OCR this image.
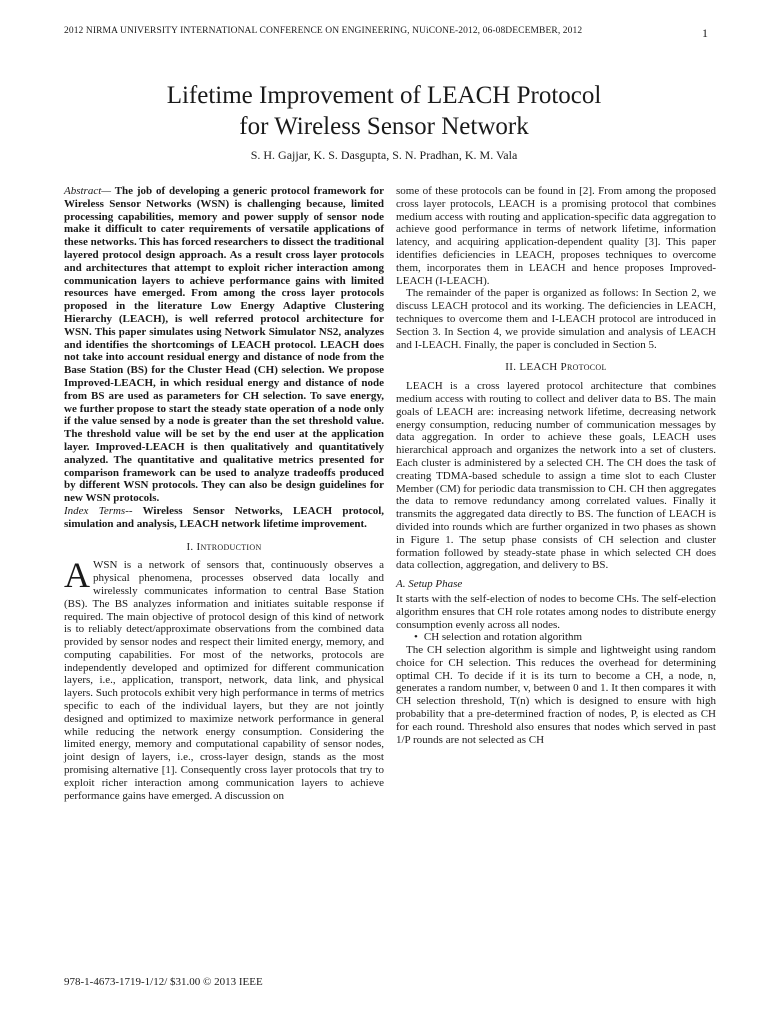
2012 NIRMA UNIVERSITY INTERNATIONAL CONFERENCE ON ENGINEERING, NUiCONE-2012, 06-08DECEMBER, 2012	1
Lifetime Improvement of LEACH Protocol
for Wireless Sensor Network
S. H. Gajjar, K. S. Dasgupta, S. N. Pradhan, K. M. Vala

Abstract— The job of developing a generic protocol framework for Wireless Sensor Networks (WSN) is challenging because, limited processing capabilities, memory and power supply of sensor node make it difficult to cater requirements of versatile applications of these networks. This has forced researchers to dissect the traditional layered protocol design approach. As a result cross layer protocols and architectures that attempt to exploit richer interaction among communication layers to achieve performance gains with limited resources have emerged. From among the cross layer protocols proposed in the literature Low Energy Adaptive Clustering Hierarchy (LEACH), is well referred protocol architecture for WSN. This paper simulates using Network Simulator NS2, analyzes and identifies the shortcomings of LEACH protocol. LEACH does not take into account residual energy and distance of node from the Base Station (BS) for the Cluster Head (CH) selection. We propose Improved-LEACH, in which residual energy and distance of node from BS are used as parameters for CH selection. To save energy, we further propose to start the steady state operation of a node only if the value sensed by a node is greater than the set threshold value. The threshold value will be set by the end user at the application layer. Improved-LEACH is then qualitatively and quantitatively analyzed. The quantitative and qualitative metrics presented for comparison framework can be used to analyze tradeoffs produced by different WSN protocols. They can also be design guidelines for new WSN protocols.

Index Terms-- Wireless Sensor Networks, LEACH protocol, simulation and analysis, LEACH network lifetime improvement.

I. Introduction

AWSN is a network of sensors that, continuously observes a physical phenomena, processes observed data locally and wirelessly communicates information to central Base Station (BS). The BS analyzes information and initiates suitable response if required. The main objective of protocol design of this kind of network is to reliably detect/approximate observations from the combined data provided by sensor nodes and respect their limited energy, memory, and computing capabilities. For most of the networks, protocols are independently developed and optimized for different communication layers, i.e., application, transport, network, data link, and physical layers. Such protocols exhibit very high performance in terms of metrics specific to each of the individual layers, but they are not jointly designed and optimized to maximize network performance in general while reducing the network energy consumption. Considering the limited energy, memory and computational capability of sensor nodes, joint design of layers, i.e., cross-layer design, stands as the most promising alternative [1]. Consequently cross layer protocols that try to exploit richer interaction among communication layers to achieve performance gains have emerged. A discussion on

some of these protocols can be found in [2]. From among the proposed cross layer protocols, LEACH is a promising protocol that combines medium access with routing and application-specific data aggregation to achieve good performance in terms of network lifetime, information latency, and acquiring application-dependent quality [3]. This paper identifies deficiencies in LEACH, proposes techniques to overcome them, incorporates them in LEACH and hence proposes Improved-LEACH (I-LEACH).

The remainder of the paper is organized as follows: In Section 2, we discuss LEACH protocol and its working. The deficiencies in LEACH, techniques to overcome them and I-LEACH protocol are introduced in Section 3. In Section 4, we provide simulation and analysis of LEACH and I-LEACH. Finally, the paper is concluded in Section 5.

II. LEACH Protocol

LEACH is a cross layered protocol architecture that combines medium access with routing to collect and deliver data to BS. The main goals of LEACH are: increasing network lifetime, decreasing network energy consumption, reducing number of communication messages by data aggregation. In order to achieve these goals, LEACH uses hierarchical approach and organizes the network into a set of clusters. Each cluster is administered by a selected CH. The CH does the task of creating TDMA-based schedule to assign a time slot to each Cluster Member (CM) for periodic data transmission to CH. CH then aggregates the data to remove redundancy among correlated values. Finally it transmits the aggregated data directly to BS. The function of LEACH is divided into rounds which are further organized in two phases as shown in Figure 1. The setup phase consists of CH selection and cluster formation followed by steady-state phase in which selected CH does data collection, aggregation, and delivery to BS.

A. Setup Phase

It starts with the self-election of nodes to become CHs. The self-election algorithm ensures that CH role rotates among nodes to distribute energy consumption evenly across all nodes.

• CH selection and rotation algorithm

The CH selection algorithm is simple and lightweight using random choice for CH selection. This reduces the overhead for determining optimal CH. To decide if it is its turn to become a CH, a node, n, generates a random number, v, between 0 and 1. It then compares it with CH selection threshold, T(n) which is designed to ensure with high probability that a pre-determined fraction of nodes, P, is elected as CH for each round. Threshold also ensures that nodes which served in past 1/P rounds are not selected as CH

978-1-4673-1719-1/12/ $31.00 © 2013 IEEE
